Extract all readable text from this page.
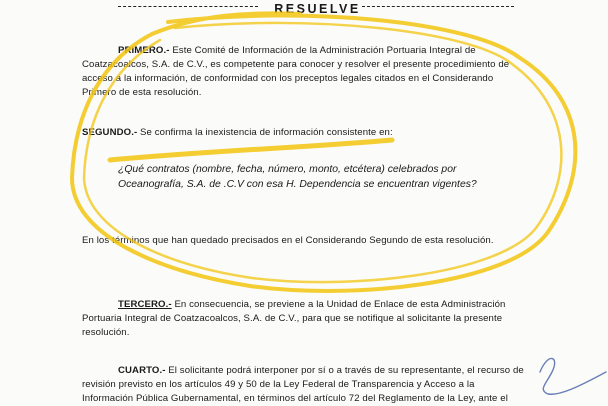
RESUELVE
PRIMERO.- Este Comité de Información de la Administración Portuaria Integral de
Coatzacoalcos, S.A. de C.V., es competente para conocer y resolver el presente procedimiento de
acceso a la información, de conformidad con los preceptos legales citados en el Considerando
Primero de esta resolución.
SEGUNDO.- Se confirma la inexistencia de información consistente en:
¿Qué contratos (nombre, fecha, número, monto, etcétera) celebrados por
Oceanografía, S.A. de .C.V con esa H. Dependencia se encuentran vigentes?
En los términos que han quedado precisados en el Considerando Segundo de esta resolución.
TERCERO.- En consecuencia, se previene a la Unidad de Enlace de esta Administración
Portuaria Integral de Coatzacoalcos, S.A. de C.V., para que se notifique al solicitante la presente
resolución.
CUARTO.- El solicitante podrá interponer por sí o a través de su representante, el recurso de
revisión previsto en los artículos 49 y 50 de la Ley Federal de Transparencia y Acceso a la
Información Pública Gubernamental, en términos del artículo 72 del Reglamento de la Ley, ante el
